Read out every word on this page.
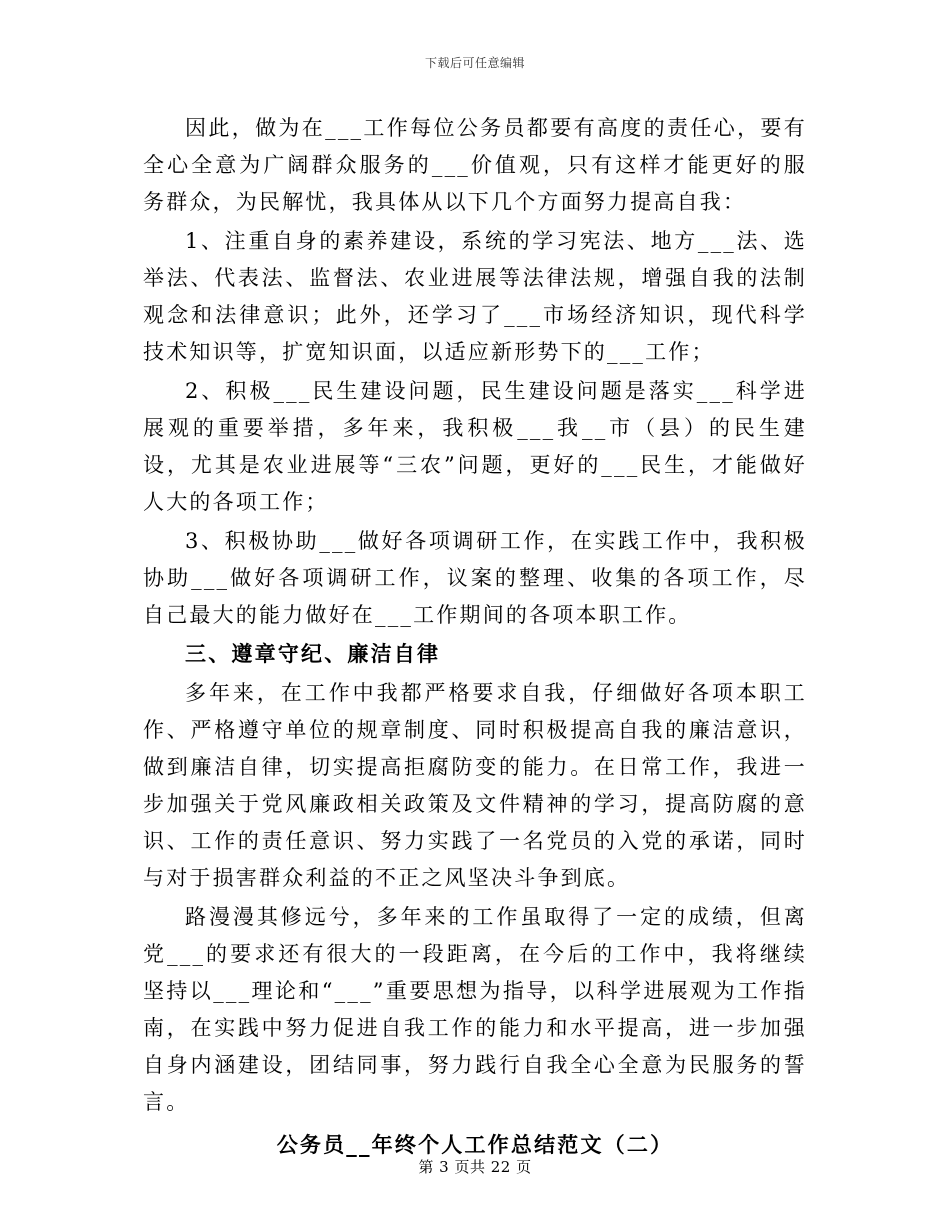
下载后可任意编辑

因此，做为在___工作每位公务员都要有高度的责任心，要有全心全意为广阔群众服务的___价值观，只有这样才能更好的服务群众，为民解忧，我具体从以下几个方面努力提高自我：

1、注重自身的素养建设，系统的学习宪法、地方___法、选举法、代表法、监督法、农业进展等法律法规，增强自我的法制观念和法律意识；此外，还学习了___市场经济知识，现代科学技术知识等，扩宽知识面，以适应新形势下的___工作；

2、积极___民生建设问题，民生建设问题是落实___科学进展观的重要举措，多年来，我积极___我__市（县）的民生建设，尤其是农业进展等“三农”问题，更好的___民生，才能做好人大的各项工作；

3、积极协助___做好各项调研工作，在实践工作中，我积极协助___做好各项调研工作，议案的整理、收集的各项工作，尽自己最大的能力做好在___工作期间的各项本职工作。

三、遵章守纪、廉洁自律

多年来，在工作中我都严格要求自我，仔细做好各项本职工作、严格遵守单位的规章制度、同时积极提高自我的廉洁意识，做到廉洁自律，切实提高拒腐防变的能力。在日常工作，我进一步加强关于党风廉政相关政策及文件精神的学习，提高防腐的意识、工作的责任意识、努力实践了一名党员的入党的承诺，同时与对于损害群众利益的不正之风坚决斗争到底。

路漫漫其修远兮，多年来的工作虽取得了一定的成绩，但离党___的要求还有很大的一段距离，在今后的工作中，我将继续坚持以___理论和“___”重要思想为指导，以科学进展观为工作指南，在实践中努力促进自我工作的能力和水平提高，进一步加强自身内涵建设，团结同事，努力践行自我全心全意为民服务的誓言。

公务员__年终个人工作总结范文（二）
第 3 页共 22 页
